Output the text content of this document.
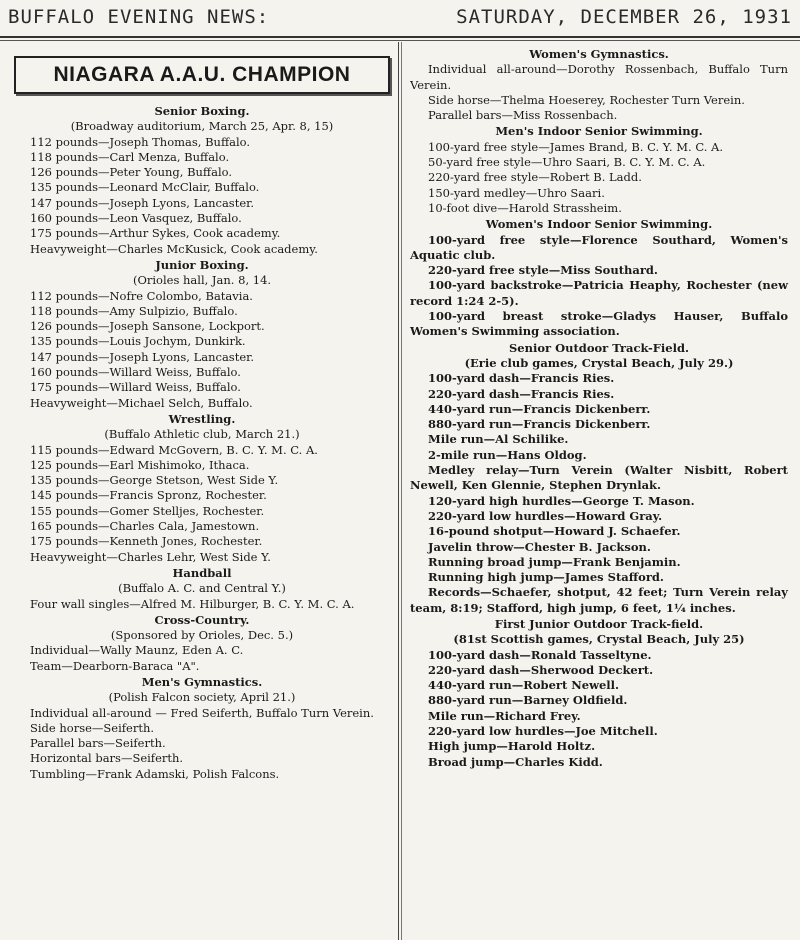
BUFFALO EVENING NEWS:	SATURDAY, DECEMBER 26, 1931
NIAGARA A.A.U. CHAMPION
Senior Boxing.
(Broadway auditorium, March 25, Apr. 8, 15)
112 pounds—Joseph Thomas, Buffalo.
118 pounds—Carl Menza, Buffalo.
126 pounds—Peter Young, Buffalo.
135 pounds—Leonard McClair, Buffalo.
147 pounds—Joseph Lyons, Lancaster.
160 pounds—Leon Vasquez, Buffalo.
175 pounds—Arthur Sykes, Cook academy.
Heavyweight—Charles McKusick, Cook academy.
Junior Boxing.
(Orioles hall, Jan. 8, 14.
112 pounds—Nofre Colombo, Batavia.
118 pounds—Amy Sulpizio, Buffalo.
126 pounds—Joseph Sansone, Lockport.
135 pounds—Louis Jochym, Dunkirk.
147 pounds—Joseph Lyons, Lancaster.
160 pounds—Willard Weiss, Buffalo.
175 pounds—Willard Weiss, Buffalo.
Heavyweight—Michael Selch, Buffalo.
Wrestling.
(Buffalo Athletic club, March 21.)
115 pounds—Edward McGovern, B. C. Y. M. C. A.
125 pounds—Earl Mishimoko, Ithaca.
135 pounds—George Stetson, West Side Y.
145 pounds—Francis Spronz, Rochester.
155 pounds—Gomer Stelljes, Rochester.
165 pounds—Charles Cala, Jamestown.
175 pounds—Kenneth Jones, Rochester.
Heavyweight—Charles Lehr, West Side Y.
Handball
(Buffalo A. C. and Central Y.)
Four wall singles—Alfred M. Hilburger, B. C. Y. M. C. A.
Cross-Country.
(Sponsored by Orioles, Dec. 5.)
Individual—Wally Maunz, Eden A. C.
Team—Dearborn-Baraca "A".
Men's Gymnastics.
(Polish Falcon society, April 21.)
Individual all-around — Fred Seiferth, Buffalo Turn Verein.
Side horse—Seiferth.
Parallel bars—Seiferth.
Horizontal bars—Seiferth.
Tumbling—Frank Adamski, Polish Falcons.
Women's Gymnastics.
Individual all-around—Dorothy Rossenbach, Buffalo Turn Verein.
Side horse—Thelma Hoeserey, Rochester Turn Verein.
Parallel bars—Miss Rossenbach.
Men's Indoor Senior Swimming.
100-yard free style—James Brand, B. C. Y. M. C. A.
50-yard free style—Uhro Saari, B. C. Y. M. C. A.
220-yard free style—Robert B. Ladd.
150-yard medley—Uhro Saari.
10-foot dive—Harold Strassheim.
Women's Indoor Senior Swimming.
100-yard free style—Florence Southard, Women's Aquatic club.
220-yard free style—Miss Southard.
100-yard backstroke—Patricia Heaphy, Rochester (new record 1:24 2-5).
100-yard breast stroke—Gladys Hauser, Buffalo Women's Swimming association.
Senior Outdoor Track-Field.
(Erie club games, Crystal Beach, July 29.)
100-yard dash—Francis Ries.
220-yard dash—Francis Ries.
440-yard run—Francis Dickenberr.
880-yard run—Francis Dickenberr.
Mile run—Al Schilike.
2-mile run—Hans Oldog.
Medley relay—Turn Verein (Walter Nisbitt, Robert Newell, Ken Glennie, Stephen Drynlak.
120-yard high hurdles—George T. Mason.
220-yard low hurdles—Howard Gray.
16-pound shotput—Howard J. Schaefer.
Javelin throw—Chester B. Jackson.
Running broad jump—Frank Benjamin.
Running high jump—James Stafford.
Records—Schaefer, shotput, 42 feet; Turn Verein relay team, 8:19; Stafford, high jump, 6 feet, 1¼ inches.
First Junior Outdoor Track-field.
(81st Scottish games, Crystal Beach, July 25)
100-yard dash—Ronald Tasseltyne.
220-yard dash—Sherwood Deckert.
440-yard run—Robert Newell.
880-yard run—Barney Oldfield.
Mile run—Richard Frey.
220-yard low hurdles—Joe Mitchell.
High jump—Harold Holtz.
Broad jump—Charles Kidd.
